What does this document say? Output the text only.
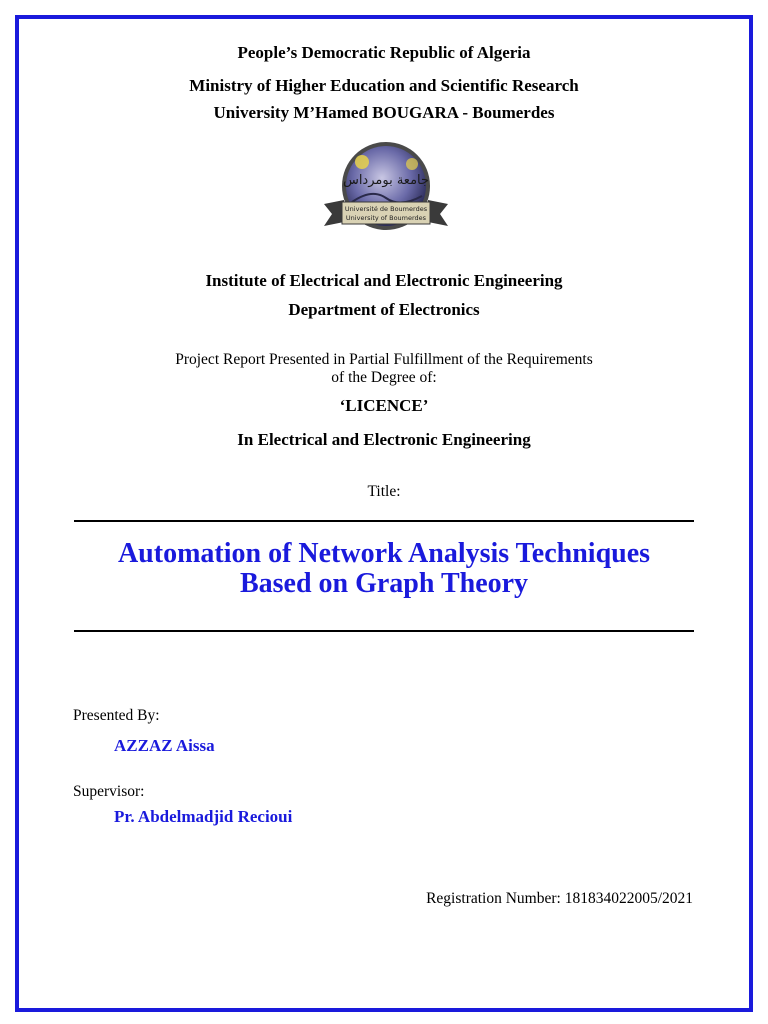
People’s Democratic Republic of Algeria
Ministry of Higher Education and Scientific Research
University M’Hamed BOUGARA - Boumerdes
جامعة بومرداس
Université de Boumerdes
University of Boumerdes
Institute of Electrical and Electronic Engineering
Department of Electronics
Project Report Presented in Partial Fulfillment of the Requirements
of the Degree of:
‘LICENCE’
In Electrical and Electronic Engineering
Title:
Automation of Network Analysis Techniques
Based on Graph Theory
Presented By:
AZZAZ Aissa
Supervisor:
Pr. Abdelmadjid Recioui
Registration Number: 181834022005/2021
